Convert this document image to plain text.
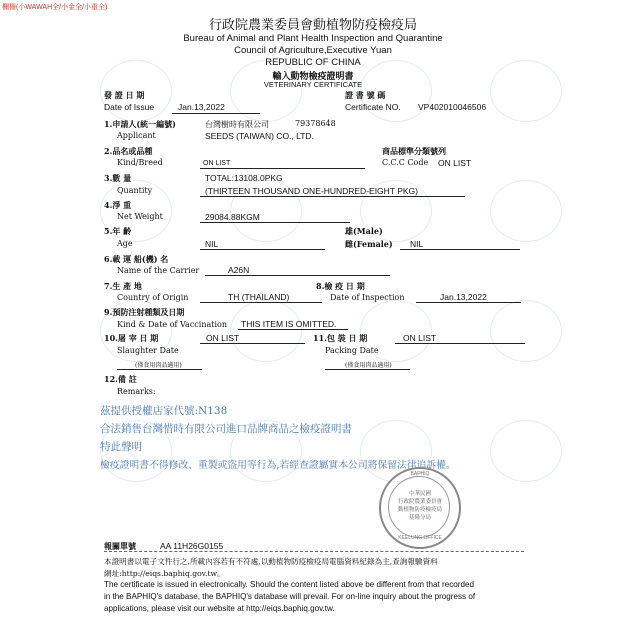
欄柵(小WAWAH全/小金全/小重全)
行政院農業委員會動植物防疫檢疫局
Bureau of Animal and Plant Health Inspection and Quarantine
Council of Agriculture,Executive Yuan
REPUBLIC OF CHINA
輸入動物檢疫證明書
VETERINARY CERTIFICATE
發 證 日 期
Date of Issue	Jan.13,2022
證 書 號 碼
Certificate NO. VP402010046506
1.申請人(統一編號)	台灣樹時有限公司	79378648
Applicant	SEEDS (TAIWAN) CO., LTD.
2.品名或品種
Kind/Breed	ON LIST
商品標準分類號列
C.C.C Code ON LIST
3.數 量	TOTAL:13108.0PKG
Quantity	(THIRTEEN THOUSAND ONE-HUNDRED-EIGHT PKG)
4.淨 重
Net Weight	29084.88KGM
5.年 齡
Age	NIL
雄(Male)
雌(Female) NIL
6.載 運 船(機) 名
Name of the Carrier	A26N
7.生 產 地
Country of Origin	TH (THAILAND)
8.檢 疫 日 期
Date of Inspection	Jan.13,2022
9.預防注射種類及日期
Kind & Date of Vaccination THIS ITEM IS OMITTED.
10.屠 宰 日 期	ON LIST
Slaughter Date
(僅食用肉品適用)
11.包 裝 日 期	ON LIST
Packing Date
(僅食用肉品適用)
12.備 註
Remarks:
茲提供授權店家代號:N138
合法銷售台灣惜時有限公司進口品牌商品之檢疫證明書
特此聲明
檢疫證明書不得修改、重製或盜用等行為,若經查證屬實本公司將保留法律追訴權。
BAPHIQ
中華民國
行政院農業委員會
動植物防疫檢疫局
基隆分局
KEELUNG OFFICE
報關單號	AA 11H26G0155
本證明書以電子文件行之,所載內容若有不符處,以動植物防疫檢疫局電腦資料紀錄為主,查詢報驗資料
網址:http://eiqs.baphiq.gov.tw。
The certificate is issued in electronically. Should the content listed above be different from that recorded
in the BAPHIQ's database, the BAPHIQ's database will prevail. For on-line inquiry about the progress of
applications, please visit our website at http://eiqs.baphiq.gov.tw.
